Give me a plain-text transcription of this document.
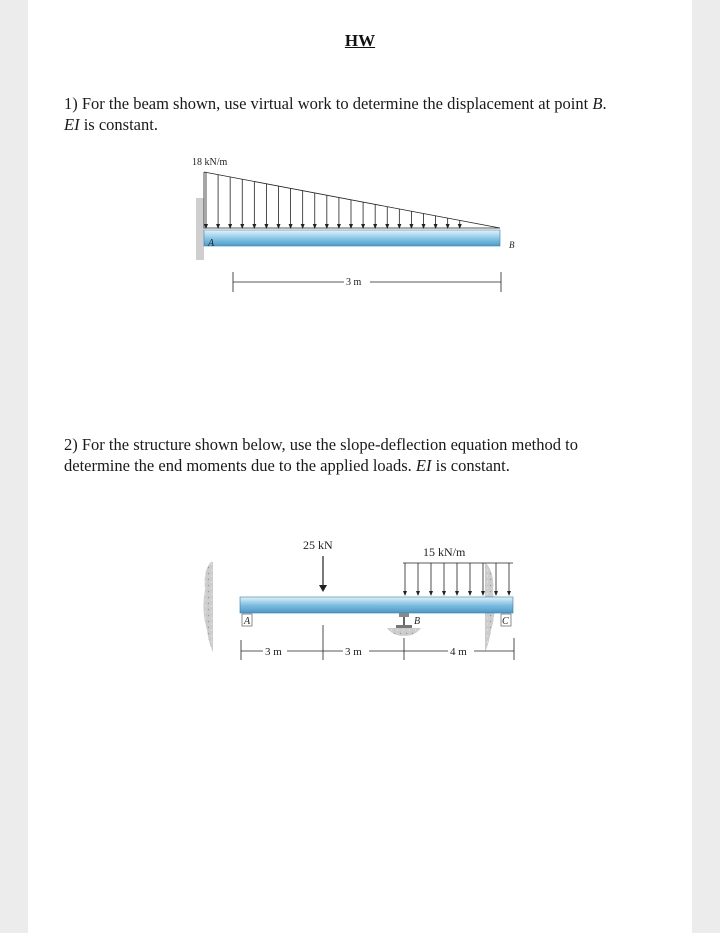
HW
1) For the beam shown, use virtual work to determine the displacement at point B.
EI is constant.
18 kN/m
A	B
3 m
2) For the structure shown below, use the slope-deflection equation method to
determine the end moments due to the applied loads. EI is constant.
25 kN	15 kN/m
A	B	C
3 m	3 m	4 m
